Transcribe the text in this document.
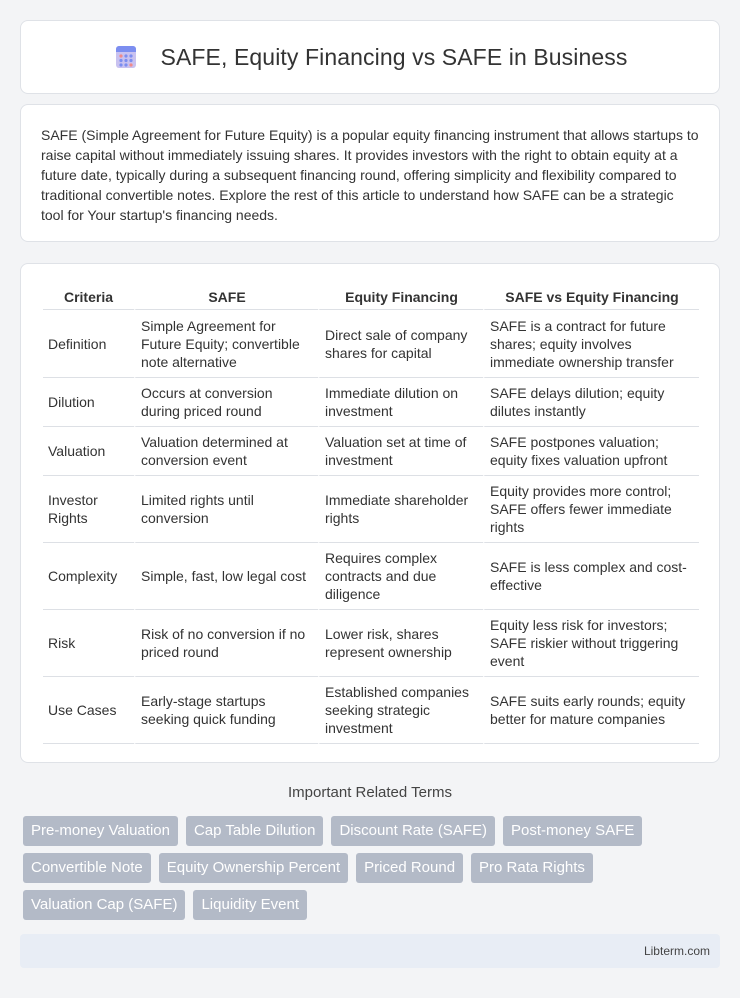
SAFE, Equity Financing vs SAFE in Business

SAFE (Simple Agreement for Future Equity) is a popular equity financing instrument that allows startups to raise capital without immediately issuing shares. It provides investors with the right to obtain equity at a future date, typically during a subsequent financing round, offering simplicity and flexibility compared to traditional convertible notes. Explore the rest of this article to understand how SAFE can be a strategic tool for Your startup's financing needs.

Criteria	SAFE	Equity Financing	SAFE vs Equity Financing
Definition	Simple Agreement for Future Equity; convertible note alternative	Direct sale of company shares for capital	SAFE is a contract for future shares; equity involves immediate ownership transfer
Dilution	Occurs at conversion during priced round	Immediate dilution on investment	SAFE delays dilution; equity dilutes instantly
Valuation	Valuation determined at conversion event	Valuation set at time of investment	SAFE postpones valuation; equity fixes valuation upfront
Investor Rights	Limited rights until conversion	Immediate shareholder rights	Equity provides more control; SAFE offers fewer immediate rights
Complexity	Simple, fast, low legal cost	Requires complex contracts and due diligence	SAFE is less complex and cost-effective
Risk	Risk of no conversion if no priced round	Lower risk, shares represent ownership	Equity less risk for investors; SAFE riskier without triggering event
Use Cases	Early-stage startups seeking quick funding	Established companies seeking strategic investment	SAFE suits early rounds; equity better for mature companies
Important Related Terms
Pre-money Valuation	Cap Table Dilution	Discount Rate (SAFE)	Post-money SAFE
Convertible Note	Equity Ownership Percent	Priced Round	Pro Rata Rights
Valuation Cap (SAFE)	Liquidity Event
Libterm.com
